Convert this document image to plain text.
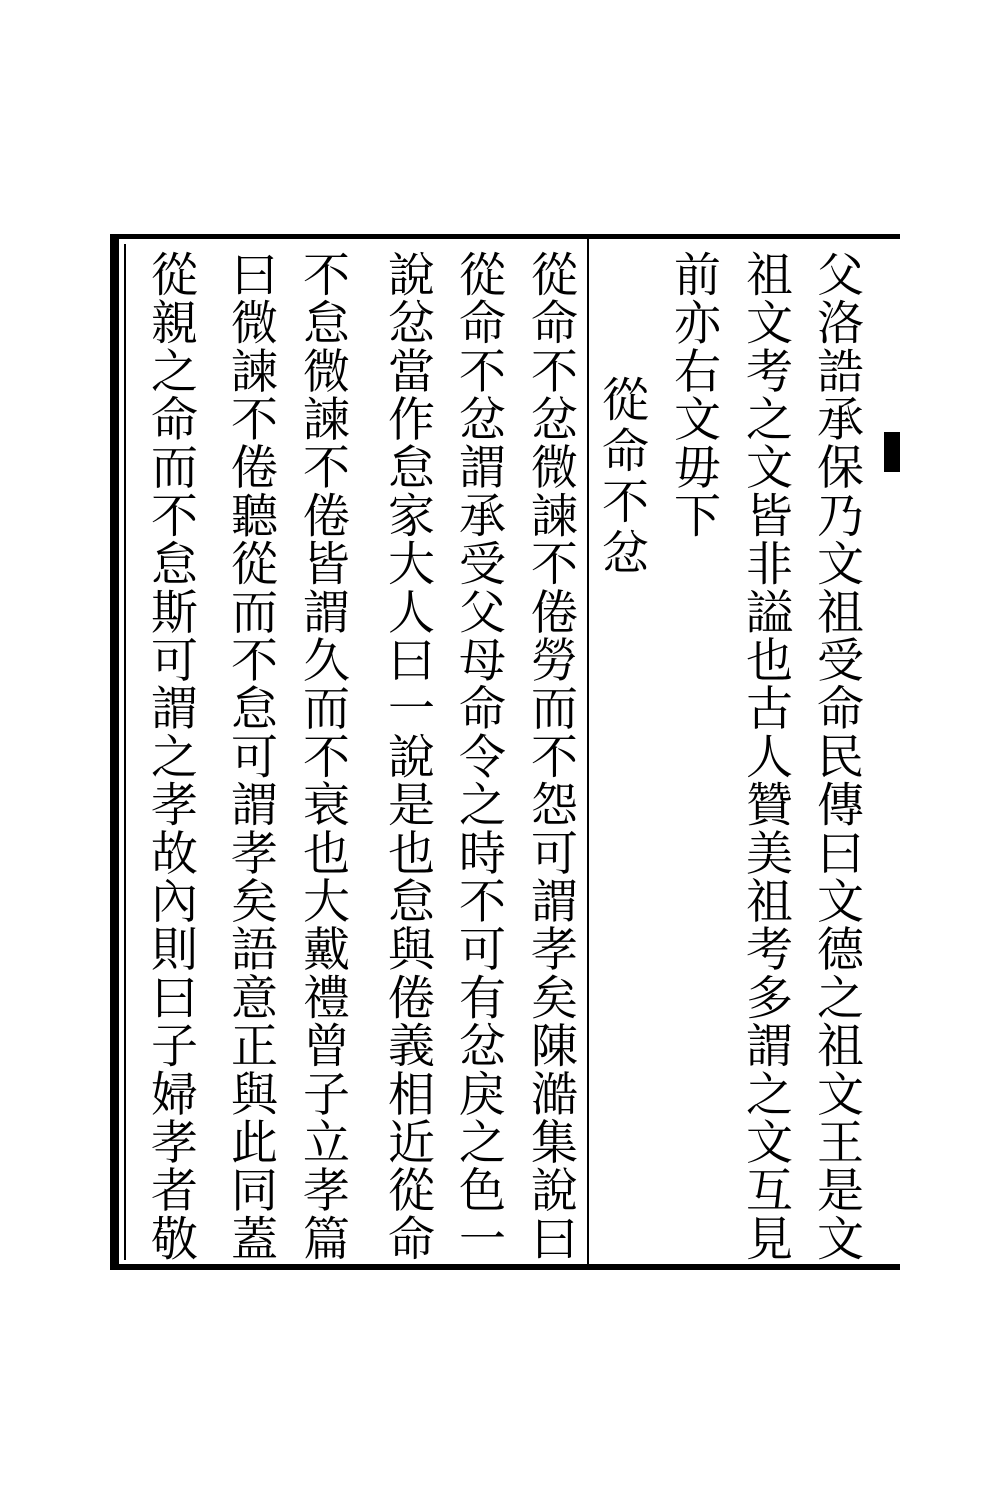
父洛誥承保乃文祖受命民傳曰文德之祖文王是文
祖文考之文皆非謚也古人贊美祖考多謂之文互見
前亦右文毋下
從命不忿
從命不忿微諫不倦勞而不怨可謂孝矣陳澔集說曰
從命不忿謂承受父母命令之時不可有忿戾之色一
說忿當作怠家大人曰一說是也怠與倦義相近從命
不怠微諫不倦皆謂久而不衰也大戴禮曾子立孝篇
曰微諫不倦聽從而不怠可謂孝矣語意正與此同蓋
從親之命而不怠斯可謂之孝故內則曰子婦孝者敬
